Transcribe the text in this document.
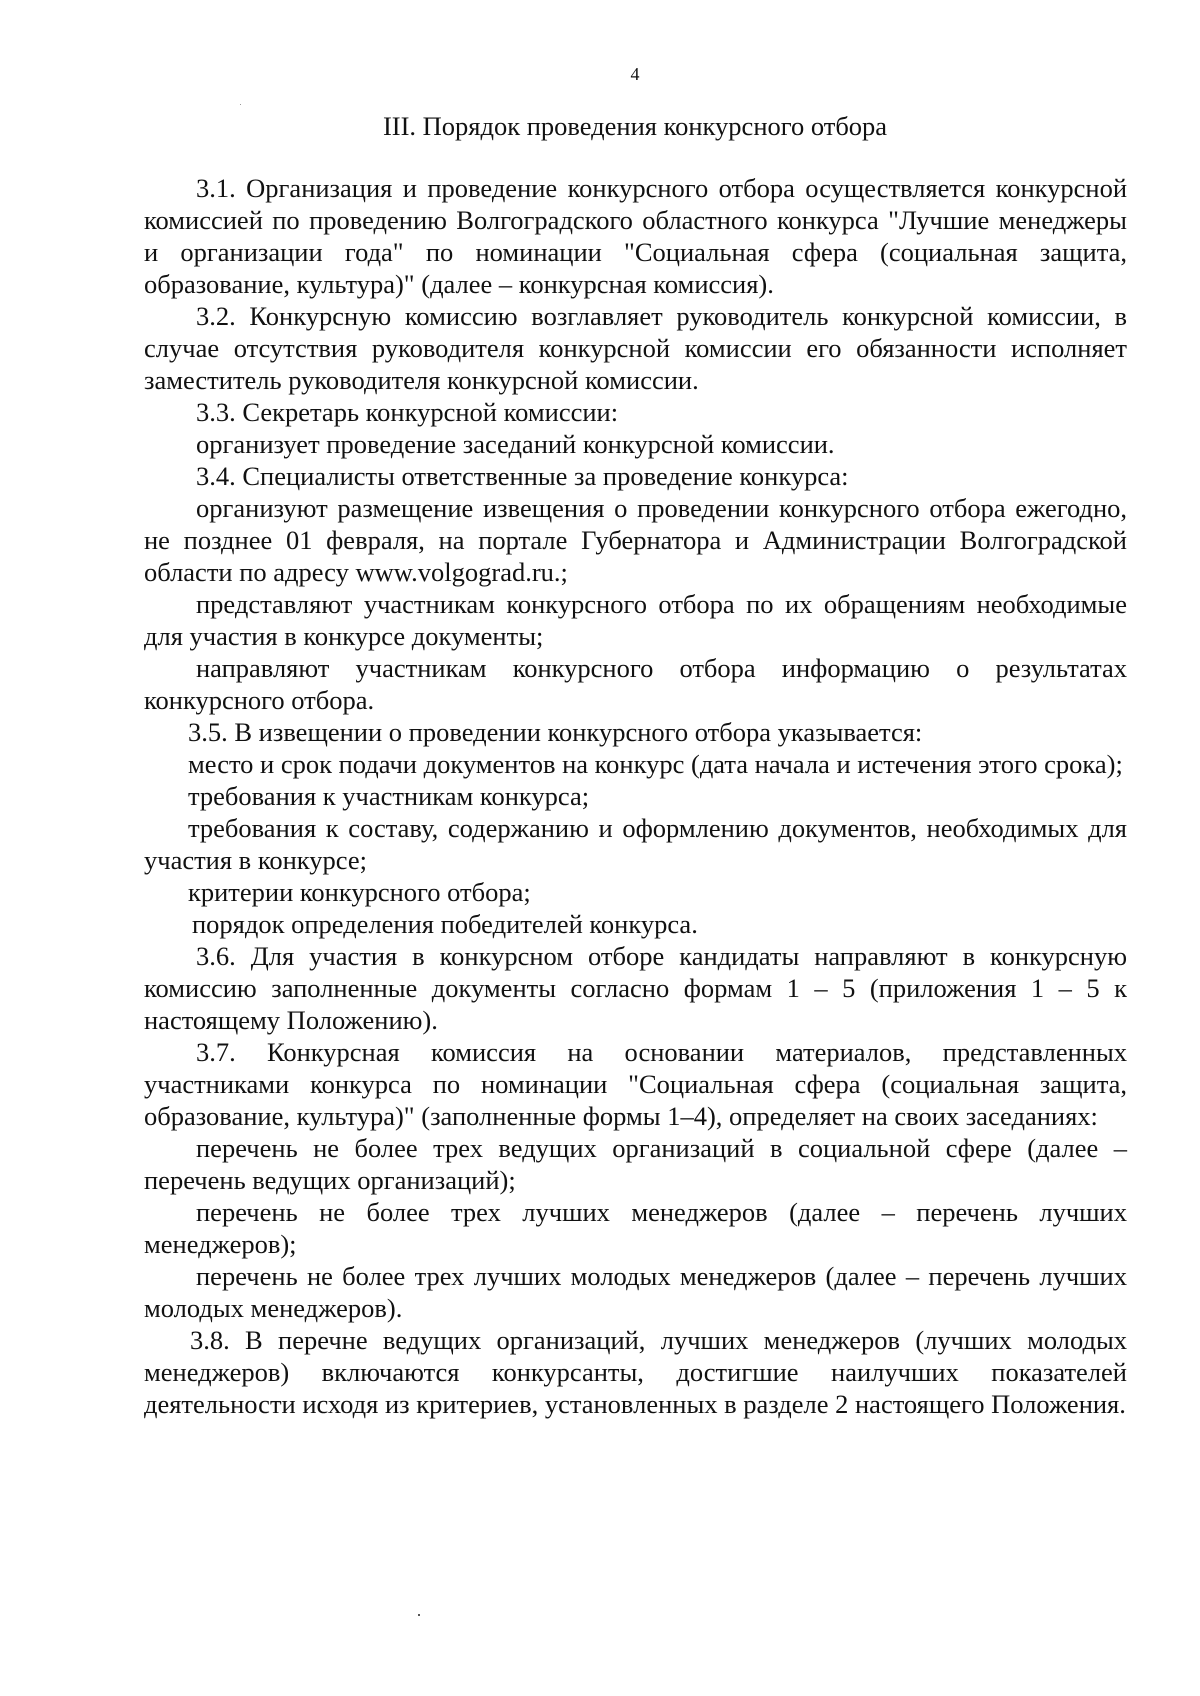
4
III. Порядок проведения конкурсного отбора

3.1. Организация и проведение конкурсного отбора осуществляется конкурсной комиссией по проведению Волгоградского областного конкурса "Лучшие менеджеры и организации года" по номинации "Социальная сфера (социальная защита, образование, культура)" (далее – конкурсная комиссия).

3.2. Конкурсную комиссию возглавляет руководитель конкурсной комиссии, в случае отсутствия руководителя конкурсной комиссии его обязанности исполняет заместитель руководителя конкурсной комиссии.

3.3. Секретарь конкурсной комиссии:

организует проведение заседаний конкурсной комиссии.

3.4. Специалисты ответственные за проведение конкурса:

организуют размещение извещения о проведении конкурсного отбора ежегодно, не позднее 01 февраля, на портале Губернатора и Администрации Волгоградской области по адресу www.volgograd.ru.;

представляют участникам конкурсного отбора по их обращениям необходимые для участия в конкурсе документы;

направляют участникам конкурсного отбора информацию о результатах конкурсного отбора.

3.5. В извещении о проведении конкурсного отбора указывается:

место и срок подачи документов на конкурс (дата начала и истечения этого срока);

требования к участникам конкурса;

требования к составу, содержанию и оформлению документов, необходимых для участия в конкурсе;

критерии конкурсного отбора;

порядок определения победителей конкурса.

3.6. Для участия в конкурсном отборе кандидаты направляют в конкурсную комиссию заполненные документы согласно формам 1 – 5 (приложения 1 – 5 к настоящему Положению).

3.7. Конкурсная комиссия на основании материалов, представленных участниками конкурса по номинации "Социальная сфера (социальная защита, образование, культура)" (заполненные формы 1–4), определяет на своих заседаниях:

перечень не более трех ведущих организаций в социальной сфере (далее – перечень ведущих организаций);

перечень не более трех лучших менеджеров (далее – перечень лучших менеджеров);

перечень не более трех лучших молодых менеджеров (далее – перечень лучших молодых менеджеров).

3.8. В перечне ведущих организаций, лучших менеджеров (лучших молодых менеджеров) включаются конкурсанты, достигшие наилучших показателей деятельности исходя из критериев, установленных в разделе 2 настоящего Положения.
